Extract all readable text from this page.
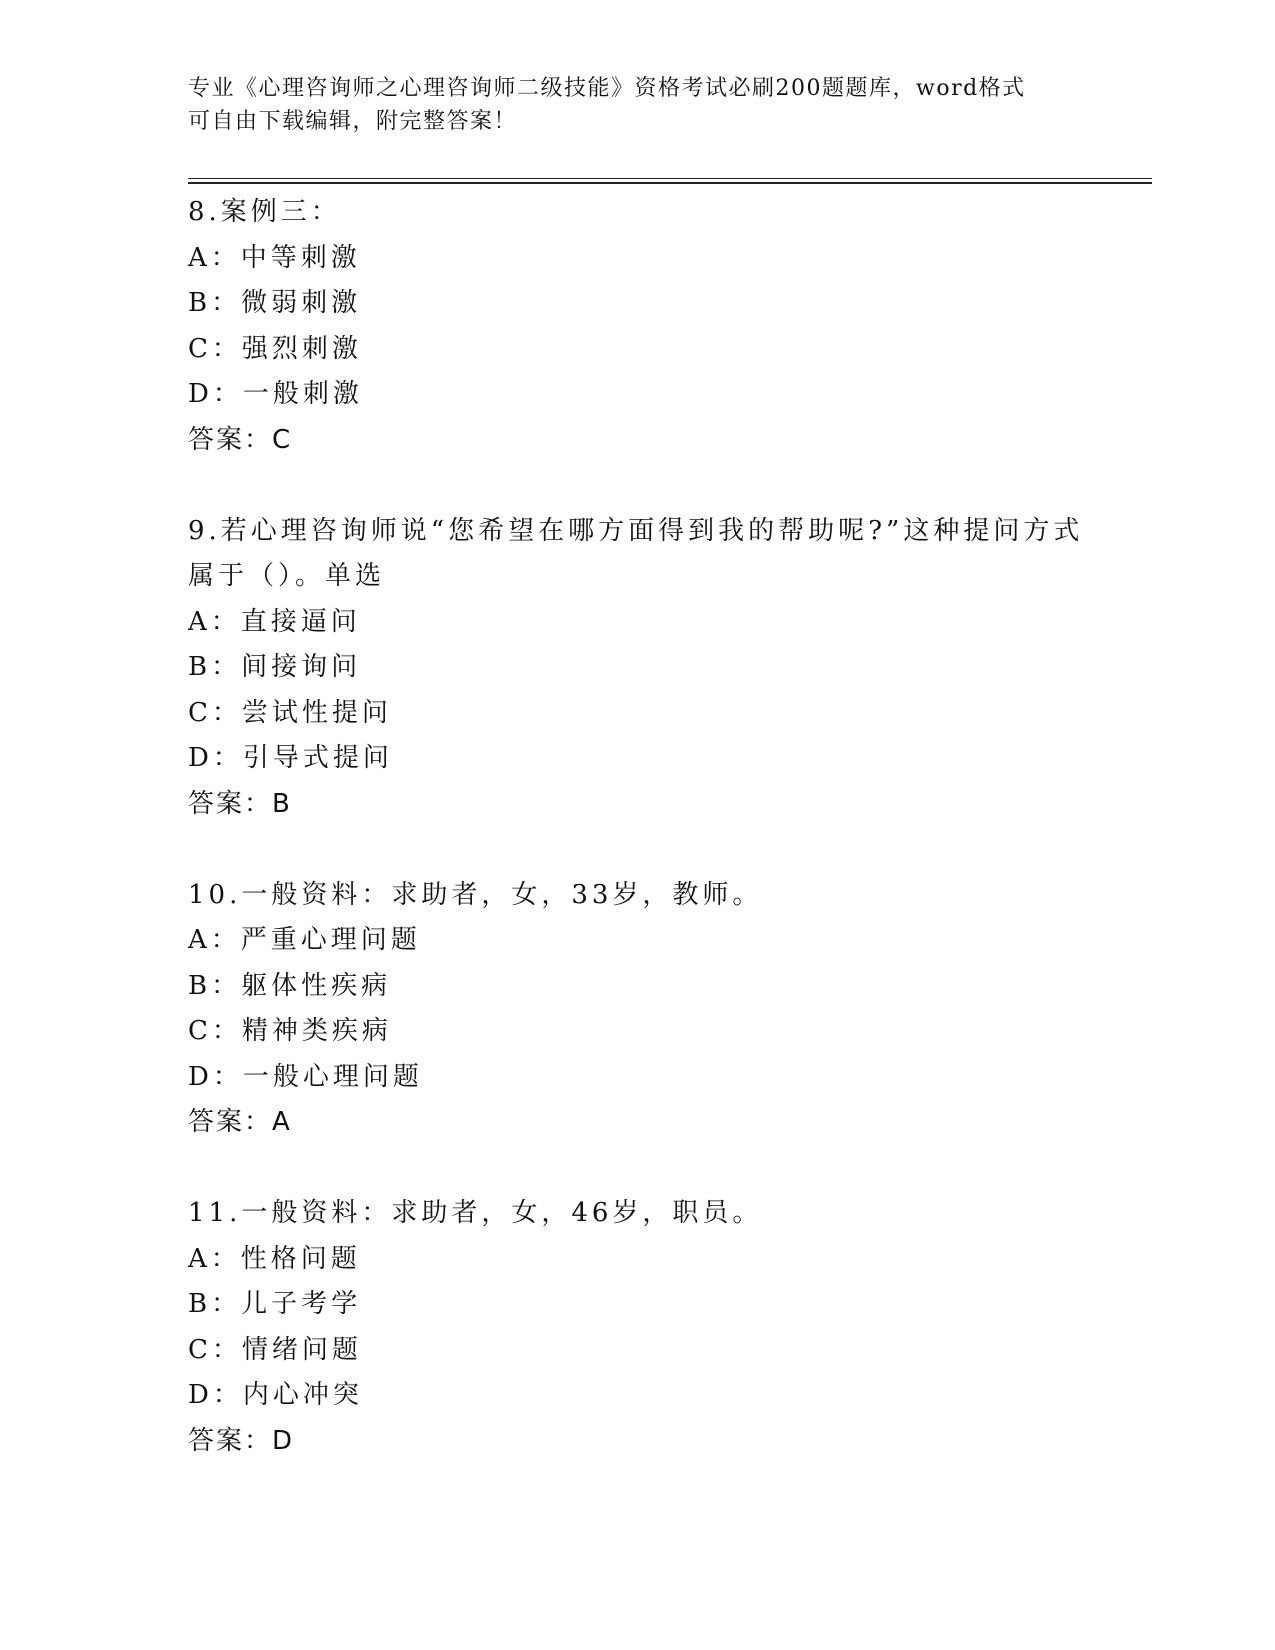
专业《心理咨询师之心理咨询师二级技能》资格考试必刷200题题库，word格式
可自由下载编辑，附完整答案！
8.案例三：
A：中等刺激
B：微弱刺激
C：强烈刺激
D：一般刺激
答案：C
9.若心理咨询师说“您希望在哪方面得到我的帮助呢?”这种提问方式
属于（）。单选
A：直接逼问
B：间接询问
C：尝试性提问
D：引导式提问
答案：B
10.一般资料：求助者，女，33岁，教师。
A：严重心理问题
B：躯体性疾病
C：精神类疾病
D：一般心理问题
答案：A
11.一般资料：求助者，女，46岁，职员。
A：性格问题
B：儿子考学
C：情绪问题
D：内心冲突
答案：D
